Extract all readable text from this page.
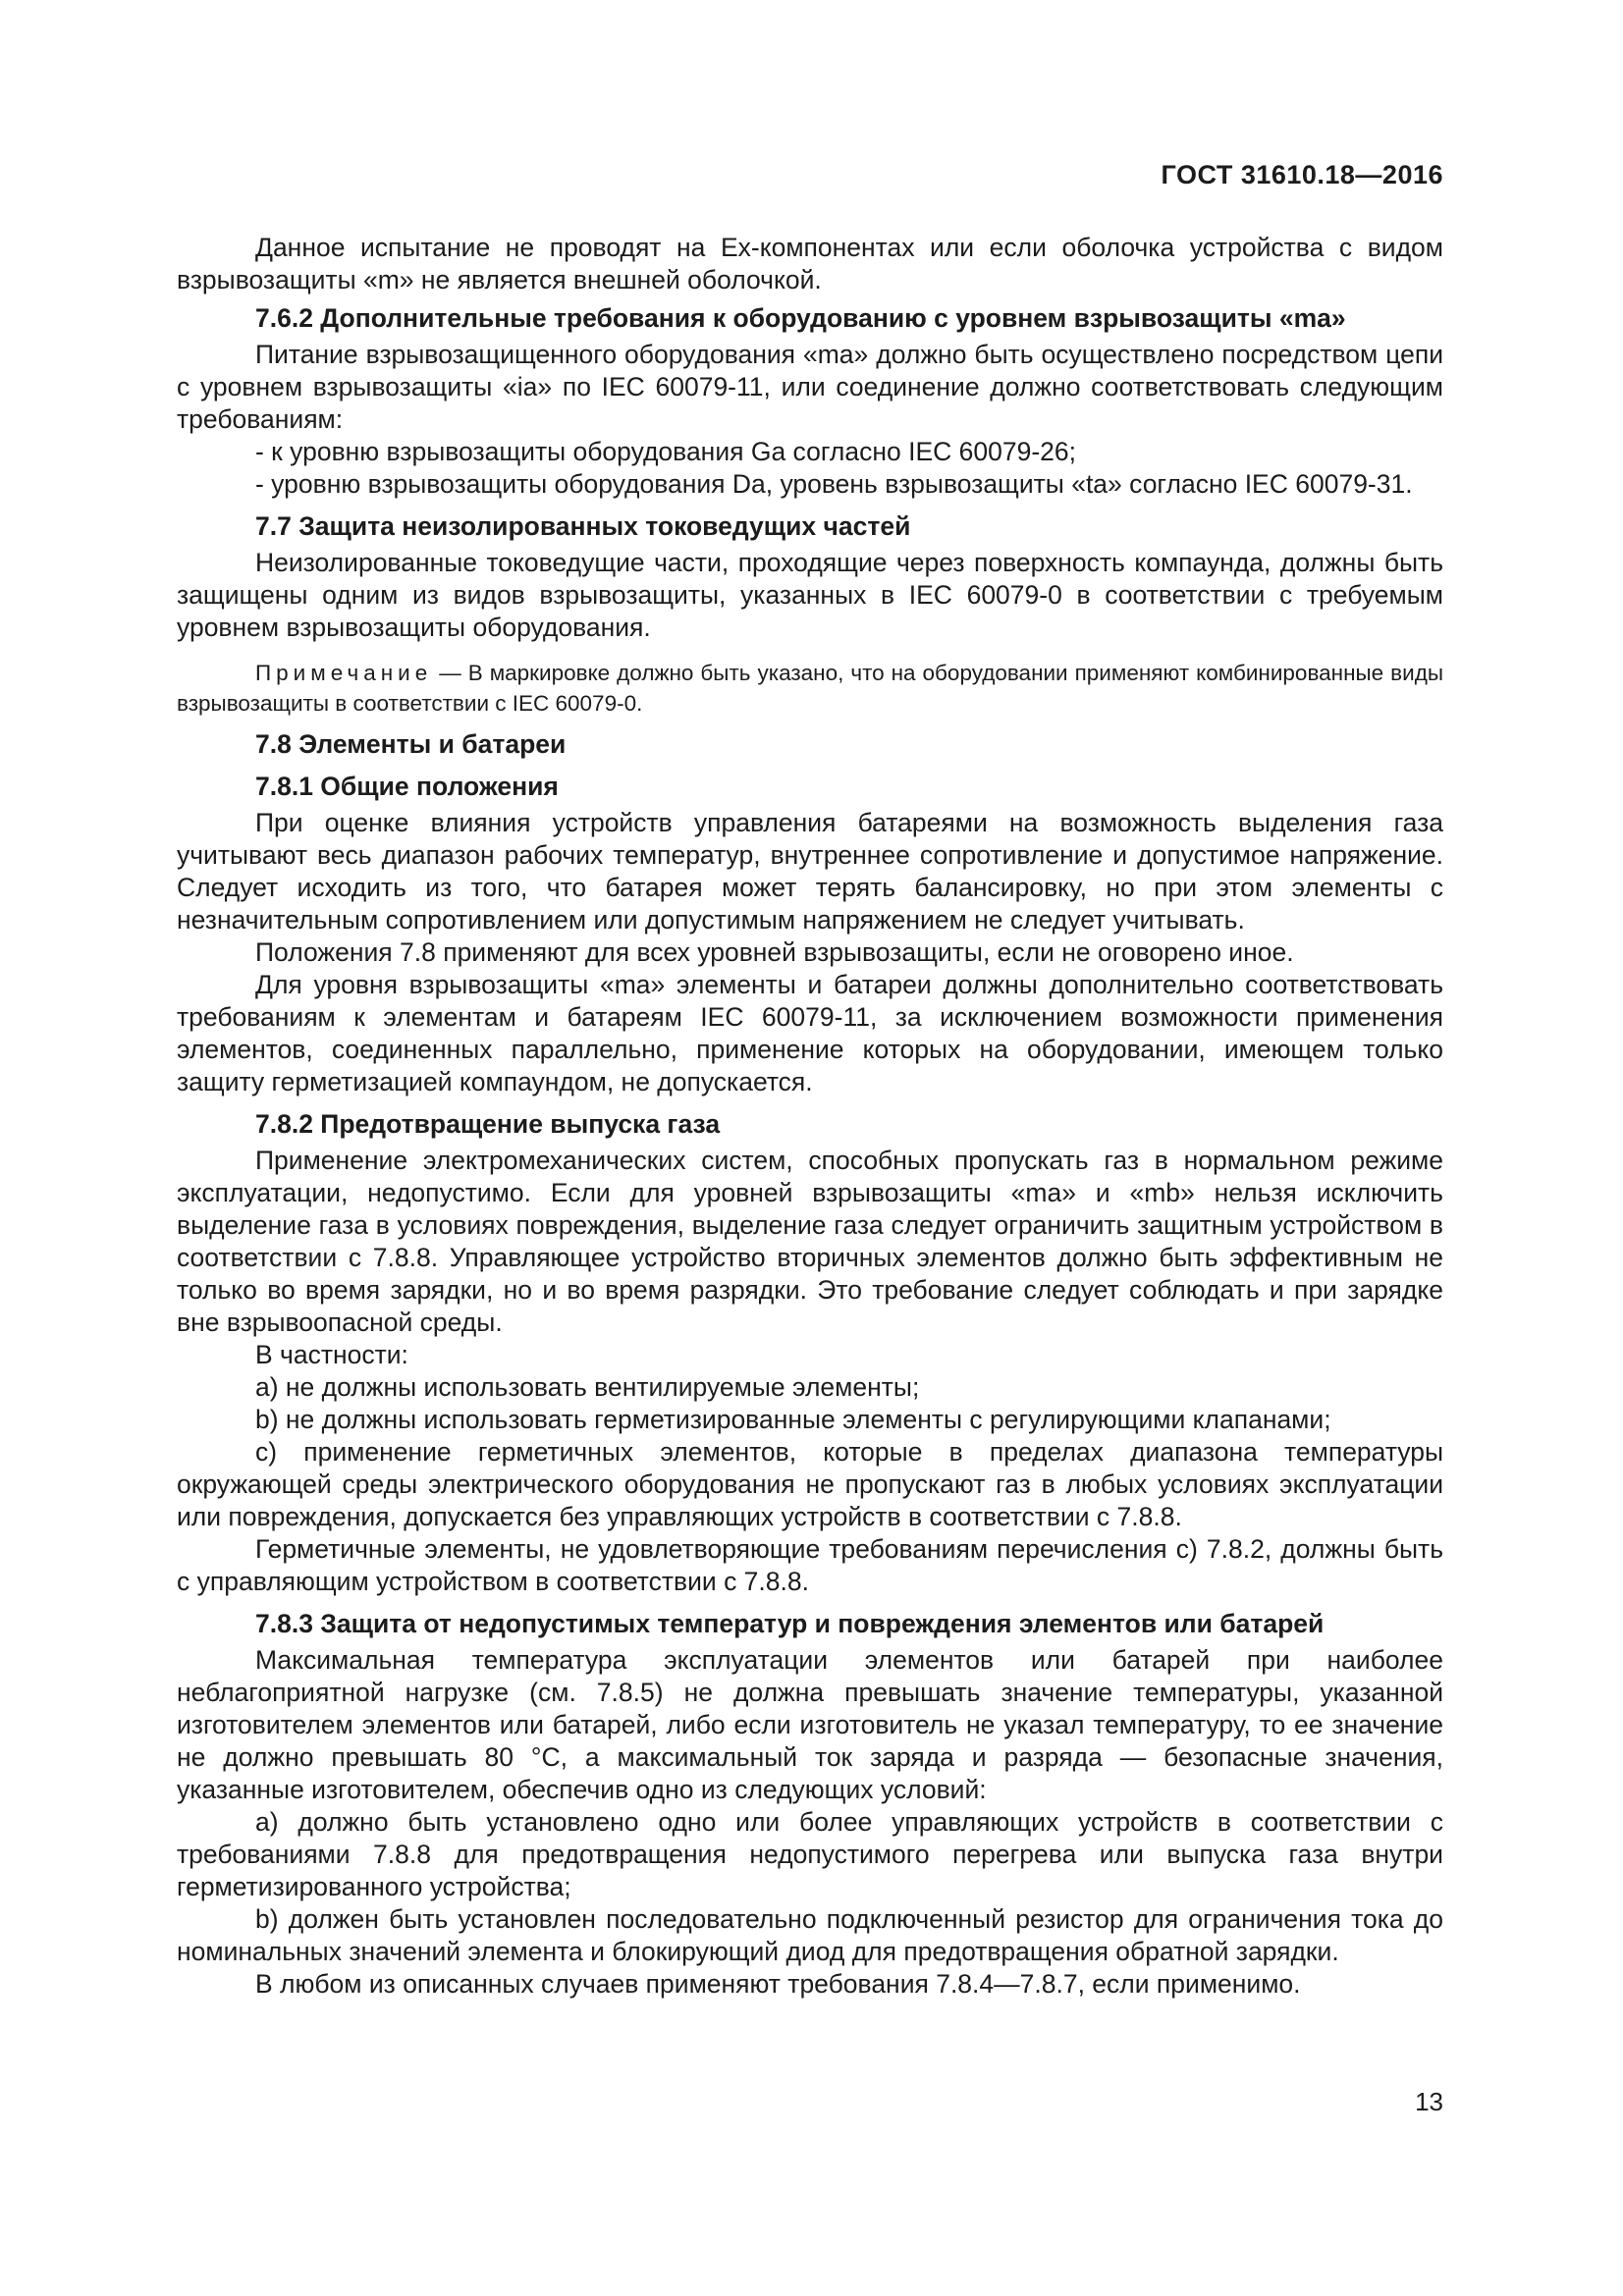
ГОСТ 31610.18—2016

Данное испытание не проводят на Ex-компонентах или если оболочка устройства с видом взрывозащиты «m» не является внешней оболочкой.

7.6.2 Дополнительные требования к оборудованию с уровнем взрывозащиты «ma»

Питание взрывозащищенного оборудования «ma» должно быть осуществлено посредством цепи с уровнем взрывозащиты «ia» по IEC 60079-11, или соединение должно соответствовать следующим требованиям:

- к уровню взрывозащиты оборудования Ga согласно IEC 60079-26;

- уровню взрывозащиты оборудования Da, уровень взрывозащиты «ta» согласно IEC 60079-31.

7.7 Защита неизолированных токоведущих частей

Неизолированные токоведущие части, проходящие через поверхность компаунда, должны быть защищены одним из видов взрывозащиты, указанных в IEC 60079-0 в соответствии с требуемым уровнем взрывозащиты оборудования.

Примечание — В маркировке должно быть указано, что на оборудовании применяют комбинированные виды взрывозащиты в соответствии с IEC 60079-0.

7.8 Элементы и батареи

7.8.1 Общие положения

При оценке влияния устройств управления батареями на возможность выделения газа учитывают весь диапазон рабочих температур, внутреннее сопротивление и допустимое напряжение. Следует исходить из того, что батарея может терять балансировку, но при этом элементы с незначительным сопротивлением или допустимым напряжением не следует учитывать.

Положения 7.8 применяют для всех уровней взрывозащиты, если не оговорено иное.

Для уровня взрывозащиты «ma» элементы и батареи должны дополнительно соответствовать требованиям к элементам и батареям IEC 60079-11, за исключением возможности применения элементов, соединенных параллельно, применение которых на оборудовании, имеющем только защиту герметизацией компаундом, не допускается.

7.8.2 Предотвращение выпуска газа

Применение электромеханических систем, способных пропускать газ в нормальном режиме эксплуатации, недопустимо. Если для уровней взрывозащиты «ma» и «mb» нельзя исключить выделение газа в условиях повреждения, выделение газа следует ограничить защитным устройством в соответствии с 7.8.8. Управляющее устройство вторичных элементов должно быть эффективным не только во время зарядки, но и во время разрядки. Это требование следует соблюдать и при зарядке вне взрывоопасной среды.

В частности:

a) не должны использовать вентилируемые элементы;

b) не должны использовать герметизированные элементы с регулирующими клапанами;

c) применение герметичных элементов, которые в пределах диапазона температуры окружающей среды электрического оборудования не пропускают газ в любых условиях эксплуатации или повреждения, допускается без управляющих устройств в соответствии с 7.8.8.

Герметичные элементы, не удовлетворяющие требованиям перечисления c) 7.8.2, должны быть с управляющим устройством в соответствии с 7.8.8.

7.8.3 Защита от недопустимых температур и повреждения элементов или батарей

Максимальная температура эксплуатации элементов или батарей при наиболее неблагоприятной нагрузке (см. 7.8.5) не должна превышать значение температуры, указанной изготовителем элементов или батарей, либо если изготовитель не указал температуру, то ее значение не должно превышать 80 °C, а максимальный ток заряда и разряда — безопасные значения, указанные изготовителем, обеспечив одно из следующих условий:

a) должно быть установлено одно или более управляющих устройств в соответствии с требованиями 7.8.8 для предотвращения недопустимого перегрева или выпуска газа внутри герметизированного устройства;

b) должен быть установлен последовательно подключенный резистор для ограничения тока до номинальных значений элемента и блокирующий диод для предотвращения обратной зарядки.

В любом из описанных случаев применяют требования 7.8.4—7.8.7, если применимо.

13
